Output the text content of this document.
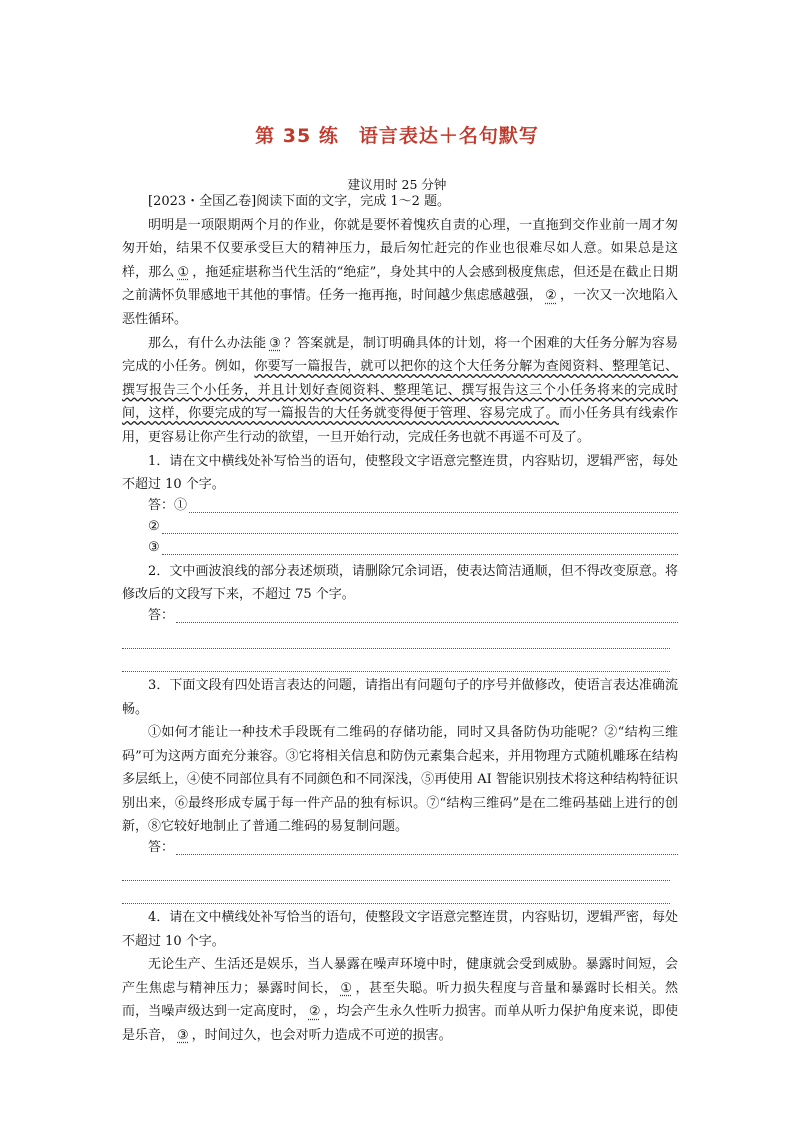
第 35 练　语言表达＋名句默写
建议用时 25 分钟

[2023・全国乙卷]阅读下面的文字，完成 1～2 题。

明明是一项限期两个月的作业，你就是要怀着愧疚自责的心理，一直拖到交作业前一周才匆匆开始，结果不仅要承受巨大的精神压力，最后匆忙赶完的作业也很难尽如人意。如果总是这样，那么 ① ，拖延症堪称当代生活的“绝症”，身处其中的人会感到极度焦虑，但还是在截止日期之前满怀负罪感地干其他的事情。任务一拖再拖，时间越少焦虑感越强， ② ，一次又一次地陷入恶性循环。

那么，有什么办法能 ③ ？答案就是，制订明确具体的计划，将一个困难的大任务分解为容易完成的小任务。例如，你要写一篇报告，就可以把你的这个大任务分解为查阅资料、整理笔记、撰写报告三个小任务，并且计划好查阅资料、整理笔记、撰写报告这三个小任务将来的完成时间，这样，你要完成的写一篇报告的大任务就变得便于管理、容易完成了。而小任务具有线索作用，更容易让你产生行动的欲望，一旦开始行动，完成任务也就不再遥不可及了。

1．请在文中横线处补写恰当的语句，使整段文字语意完整连贯，内容贴切，逻辑严密，每处不超过 10 个字。

答：①
②
③

2．文中画波浪线的部分表述烦琐，请删除冗余词语，使表达简洁通顺，但不得改变原意。将修改后的文段写下来，不超过 75 个字。

答：

3．下面文段有四处语言表达的问题，请指出有问题句子的序号并做修改，使语言表达准确流畅。

①如何才能让一种技术手段既有二维码的存储功能，同时又具备防伪功能呢？②“结构三维码”可为这两方面充分兼容。③它将相关信息和防伪元素集合起来，并用物理方式随机雕琢在结构多层纸上，④使不同部位具有不同颜色和不同深浅，⑤再使用 AI 智能识别技术将这种结构特征识别出来，⑥最终形成专属于每一件产品的独有标识。⑦“结构三维码”是在二维码基础上进行的创新，⑧它较好地制止了普通二维码的易复制问题。

答：

4．请在文中横线处补写恰当的语句，使整段文字语意完整连贯，内容贴切，逻辑严密，每处不超过 10 个字。

无论生产、生活还是娱乐，当人暴露在噪声环境中时，健康就会受到威胁。暴露时间短，会产生焦虑与精神压力；暴露时间长， ① ，甚至失聪。听力损失程度与音量和暴露时长相关。然而，当噪声级达到一定高度时， ② ，均会产生永久性听力损害。而单从听力保护角度来说，即使是乐音， ③ ，时间过久，也会对听力造成不可逆的损害。
